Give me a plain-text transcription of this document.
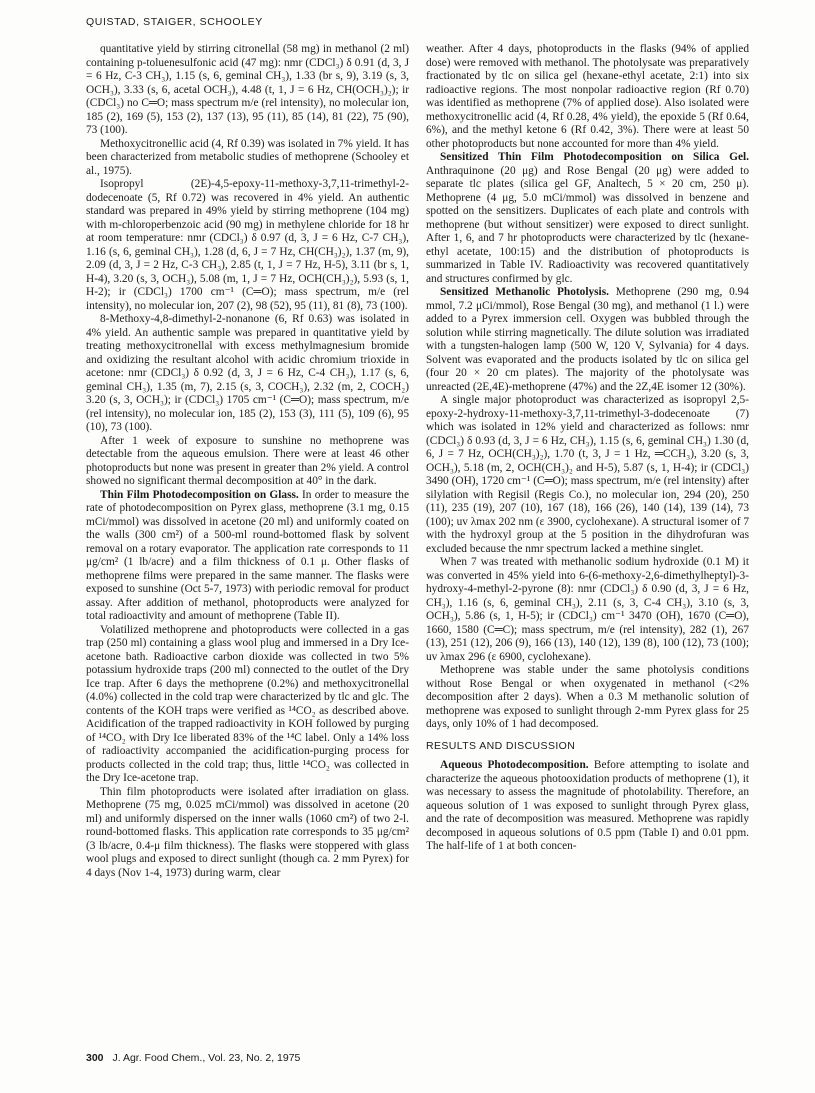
QUISTAD, STAIGER, SCHOOLEY

quantitative yield by stirring citronellal (58 mg) in methanol (2 ml) containing p-toluenesulfonic acid (47 mg): nmr (CDCl₃) δ 0.91 (d, 3, J = 6 Hz, C-3 CH₃), 1.15 (s, 6, geminal CH₃), 1.33 (br s, 9), 3.19 (s, 3, OCH₃), 3.33 (s, 6, acetal OCH₃), 4.48 (t, 1, J = 6 Hz, CH(OCH₃)₂); ir (CDCl₃) no C═O; mass spectrum m/e (rel intensity), no molecular ion, 185 (2), 169 (5), 153 (2), 137 (13), 95 (11), 85 (14), 81 (22), 75 (90), 73 (100).

Methoxycitronellic acid (4, Rf 0.39) was isolated in 7% yield. It has been characterized from metabolic studies of methoprene (Schooley et al., 1975).

Isopropyl (2E)-4,5-epoxy-11-methoxy-3,7,11-trimethyl-2-dodecenoate (5, Rf 0.72) was recovered in 4% yield. An authentic standard was prepared in 49% yield by stirring methoprene (104 mg) with m-chloroperbenzoic acid (90 mg) in methylene chloride for 18 hr at room temperature: nmr (CDCl₃) δ 0.97 (d, 3, J = 6 Hz, C-7 CH₃), 1.16 (s, 6, geminal CH₃), 1.28 (d, 6, J = 7 Hz, CH(CH₃)₂), 1.37 (m, 9), 2.09 (d, 3, J = 2 Hz, C-3 CH₃), 2.85 (t, 1, J = 7 Hz, H-5), 3.11 (br s, 1, H-4), 3.20 (s, 3, OCH₃), 5.08 (m, 1, J = 7 Hz, OCH(CH₃)₂), 5.93 (s, 1, H-2); ir (CDCl₃) 1700 cm⁻¹ (C═O); mass spectrum, m/e (rel intensity), no molecular ion, 207 (2), 98 (52), 95 (11), 81 (8), 73 (100).

8-Methoxy-4,8-dimethyl-2-nonanone (6, Rf 0.63) was isolated in 4% yield. An authentic sample was prepared in quantitative yield by treating methoxycitronellal with excess methylmagnesium bromide and oxidizing the resultant alcohol with acidic chromium trioxide in acetone: nmr (CDCl₃) δ 0.92 (d, 3, J = 6 Hz, C-4 CH₃), 1.17 (s, 6, geminal CH₃), 1.35 (m, 7), 2.15 (s, 3, COCH₃), 2.32 (m, 2, COCH₂) 3.20 (s, 3, OCH₃); ir (CDCl₃) 1705 cm⁻¹ (C═O); mass spectrum, m/e (rel intensity), no molecular ion, 185 (2), 153 (3), 111 (5), 109 (6), 95 (10), 73 (100).

After 1 week of exposure to sunshine no methoprene was detectable from the aqueous emulsion. There were at least 46 other photoproducts but none was present in greater than 2% yield. A control showed no significant thermal decomposition at 40° in the dark.

Thin Film Photodecomposition on Glass. In order to measure the rate of photodecomposition on Pyrex glass, methoprene (3.1 mg, 0.15 mCi/mmol) was dissolved in acetone (20 ml) and uniformly coated on the walls (300 cm²) of a 500-ml round-bottomed flask by solvent removal on a rotary evaporator. The application rate corresponds to 11 μg/cm² (1 lb/acre) and a film thickness of 0.1 μ. Other flasks of methoprene films were prepared in the same manner. The flasks were exposed to sunshine (Oct 5-7, 1973) with periodic removal for product assay. After addition of methanol, photoproducts were analyzed for total radioactivity and amount of methoprene (Table II).

Volatilized methoprene and photoproducts were collected in a gas trap (250 ml) containing a glass wool plug and immersed in a Dry Ice-acetone bath. Radioactive carbon dioxide was collected in two 5% potassium hydroxide traps (200 ml) connected to the outlet of the Dry Ice trap. After 6 days the methoprene (0.2%) and methoxycitronellal (4.0%) collected in the cold trap were characterized by tlc and glc. The contents of the KOH traps were verified as ¹⁴CO₂ as described above. Acidification of the trapped radioactivity in KOH followed by purging of ¹⁴CO₂ with Dry Ice liberated 83% of the ¹⁴C label. Only a 14% loss of radioactivity accompanied the acidification-purging process for products collected in the cold trap; thus, little ¹⁴CO₂ was collected in the Dry Ice-acetone trap.

Thin film photoproducts were isolated after irradiation on glass. Methoprene (75 mg, 0.025 mCi/mmol) was dissolved in acetone (20 ml) and uniformly dispersed on the inner walls (1060 cm²) of two 2-l. round-bottomed flasks. This application rate corresponds to 35 μg/cm² (3 lb/acre, 0.4-μ film thickness). The flasks were stoppered with glass wool plugs and exposed to direct sunlight (though ca. 2 mm Pyrex) for 4 days (Nov 1-4, 1973) during warm, clear

weather. After 4 days, photoproducts in the flasks (94% of applied dose) were removed with methanol. The photolysate was preparatively fractionated by tlc on silica gel (hexane-ethyl acetate, 2:1) into six radioactive regions. The most nonpolar radioactive region (Rf 0.70) was identified as methoprene (7% of applied dose). Also isolated were methoxycitronellic acid (4, Rf 0.28, 4% yield), the epoxide 5 (Rf 0.64, 6%), and the methyl ketone 6 (Rf 0.42, 3%). There were at least 50 other photoproducts but none accounted for more than 4% yield.

Sensitized Thin Film Photodecomposition on Silica Gel. Anthraquinone (20 μg) and Rose Bengal (20 μg) were added to separate tlc plates (silica gel GF, Analtech, 5 × 20 cm, 250 μ). Methoprene (4 μg, 5.0 mCi/mmol) was dissolved in benzene and spotted on the sensitizers. Duplicates of each plate and controls with methoprene (but without sensitizer) were exposed to direct sunlight. After 1, 6, and 7 hr photoproducts were characterized by tlc (hexane-ethyl acetate, 100:15) and the distribution of photoproducts is summarized in Table IV. Radioactivity was recovered quantitatively and structures confirmed by glc.

Sensitized Methanolic Photolysis. Methoprene (290 mg, 0.94 mmol, 7.2 μCi/mmol), Rose Bengal (30 mg), and methanol (1 l.) were added to a Pyrex immersion cell. Oxygen was bubbled through the solution while stirring magnetically. The dilute solution was irradiated with a tungsten-halogen lamp (500 W, 120 V, Sylvania) for 4 days. Solvent was evaporated and the products isolated by tlc on silica gel (four 20 × 20 cm plates). The majority of the photolysate was unreacted (2E,4E)-methoprene (47%) and the 2Z,4E isomer 12 (30%).

A single major photoproduct was characterized as isopropyl 2,5-epoxy-2-hydroxy-11-methoxy-3,7,11-trimethyl-3-dodecenoate (7) which was isolated in 12% yield and characterized as follows: nmr (CDCl₃) δ 0.93 (d, 3, J = 6 Hz, CH₃), 1.15 (s, 6, geminal CH₃) 1.30 (d, 6, J = 7 Hz, OCH(CH₃)₂), 1.70 (t, 3, J = 1 Hz, ═CCH₃), 3.20 (s, 3, OCH₃), 5.18 (m, 2, OCH(CH₃)₂ and H-5), 5.87 (s, 1, H-4); ir (CDCl₃) 3490 (OH), 1720 cm⁻¹ (C═O); mass spectrum, m/e (rel intensity) after silylation with Regisil (Regis Co.), no molecular ion, 294 (20), 250 (11), 235 (19), 207 (10), 167 (18), 166 (26), 140 (14), 139 (14), 73 (100); uv λmax 202 nm (ε 3900, cyclohexane). A structural isomer of 7 with the hydroxyl group at the 5 position in the dihydrofuran was excluded because the nmr spectrum lacked a methine singlet.

When 7 was treated with methanolic sodium hydroxide (0.1 M) it was converted in 45% yield into 6-(6-methoxy-2,6-dimethylheptyl)-3-hydroxy-4-methyl-2-pyrone (8): nmr (CDCl₃) δ 0.90 (d, 3, J = 6 Hz, CH₃), 1.16 (s, 6, geminal CH₃), 2.11 (s, 3, C-4 CH₃), 3.10 (s, 3, OCH₃), 5.86 (s, 1, H-5); ir (CDCl₃) cm⁻¹ 3470 (OH), 1670 (C═O), 1660, 1580 (C═C); mass spectrum, m/e (rel intensity), 282 (1), 267 (13), 251 (12), 206 (9), 166 (13), 140 (12), 139 (8), 100 (12), 73 (100); uv λmax 296 (ε 6900, cyclohexane).

Methoprene was stable under the same photolysis conditions without Rose Bengal or when oxygenated in methanol (<2% decomposition after 2 days). When a 0.3 M methanolic solution of methoprene was exposed to sunlight through 2-mm Pyrex glass for 25 days, only 10% of 1 had decomposed.

RESULTS AND DISCUSSION

Aqueous Photodecomposition. Before attempting to isolate and characterize the aqueous photooxidation products of methoprene (1), it was necessary to assess the magnitude of photolability. Therefore, an aqueous solution of 1 was exposed to sunlight through Pyrex glass, and the rate of decomposition was measured. Methoprene was rapidly decomposed in aqueous solutions of 0.5 ppm (Table I) and 0.01 ppm. The half-life of 1 at both concen-

300 J. Agr. Food Chem., Vol. 23, No. 2, 1975
